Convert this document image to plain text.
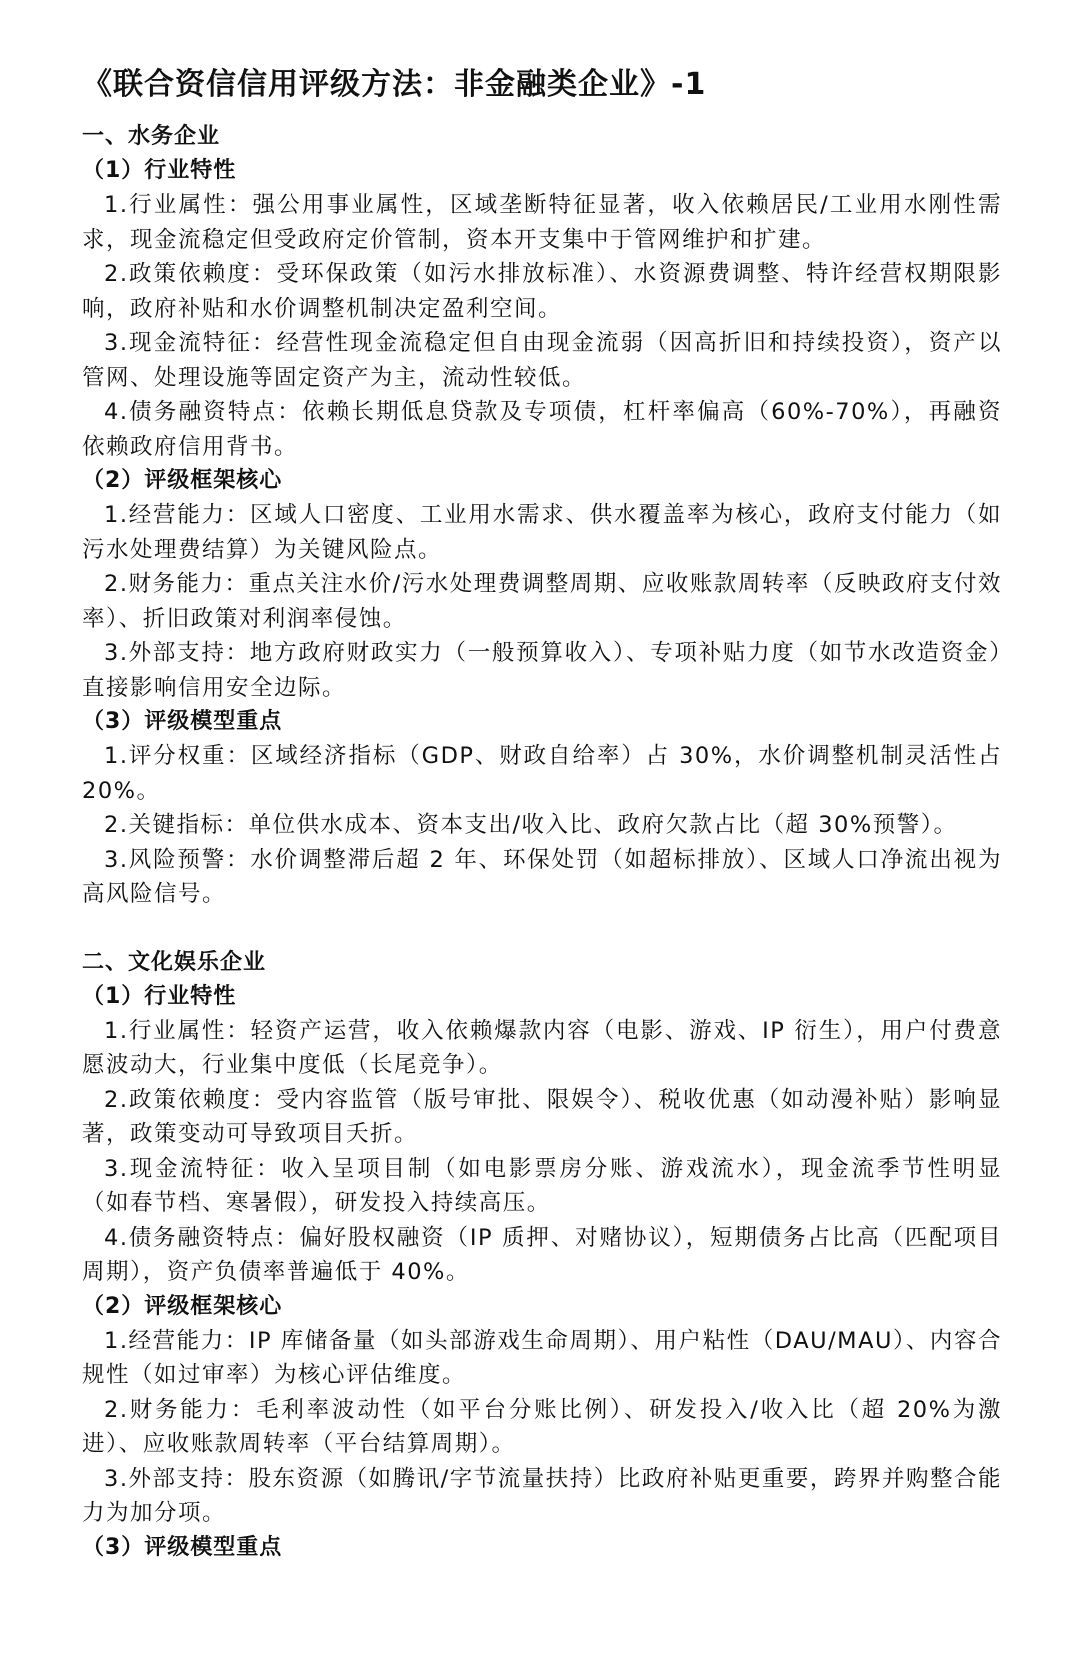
《联合资信信用评级方法：非金融类企业》-1
一、水务企业
（1）行业特性

1.行业属性：强公用事业属性，区域垄断特征显著，收入依赖居民/工业用水刚性需求，现金流稳定但受政府定价管制，资本开支集中于管网维护和扩建。

2.政策依赖度：受环保政策（如污水排放标准）、水资源费调整、特许经营权期限影响，政府补贴和水价调整机制决定盈利空间。

3.现金流特征：经营性现金流稳定但自由现金流弱（因高折旧和持续投资），资产以管网、处理设施等固定资产为主，流动性较低。

4.债务融资特点：依赖长期低息贷款及专项债，杠杆率偏高（60%-70%），再融资依赖政府信用背书。

（2）评级框架核心

1.经营能力：区域人口密度、工业用水需求、供水覆盖率为核心，政府支付能力（如污水处理费结算）为关键风险点。

2.财务能力：重点关注水价/污水处理费调整周期、应收账款周转率（反映政府支付效率）、折旧政策对利润率侵蚀。

3.外部支持：地方政府财政实力（一般预算收入）、专项补贴力度（如节水改造资金）直接影响信用安全边际。

（3）评级模型重点

1.评分权重：区域经济指标（GDP、财政自给率）占 30%，水价调整机制灵活性占 20%。

2.关键指标：单位供水成本、资本支出/收入比、政府欠款占比（超 30%预警）。

3.风险预警：水价调整滞后超 2 年、环保处罚（如超标排放）、区域人口净流出视为高风险信号。

二、文化娱乐企业
（1）行业特性

1.行业属性：轻资产运营，收入依赖爆款内容（电影、游戏、IP 衍生），用户付费意愿波动大，行业集中度低（长尾竞争）。

2.政策依赖度：受内容监管（版号审批、限娱令）、税收优惠（如动漫补贴）影响显著，政策变动可导致项目夭折。

3.现金流特征：收入呈项目制（如电影票房分账、游戏流水），现金流季节性明显（如春节档、寒暑假），研发投入持续高压。

4.债务融资特点：偏好股权融资（IP 质押、对赌协议），短期债务占比高（匹配项目周期），资产负债率普遍低于 40%。

（2）评级框架核心

1.经营能力：IP 库储备量（如头部游戏生命周期）、用户粘性（DAU/MAU）、内容合规性（如过审率）为核心评估维度。

2.财务能力：毛利率波动性（如平台分账比例）、研发投入/收入比（超 20%为激进）、应收账款周转率（平台结算周期）。

3.外部支持：股东资源（如腾讯/字节流量扶持）比政府补贴更重要，跨界并购整合能力为加分项。

（3）评级模型重点
